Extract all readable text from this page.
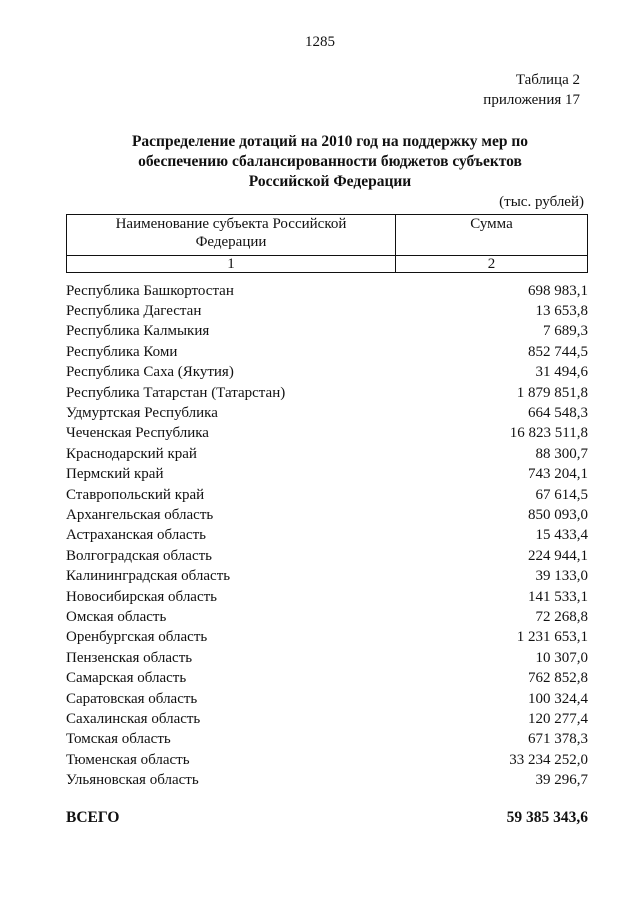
1285
Таблица 2
приложения 17
Распределение дотаций на 2010 год на поддержку мер по
обеспечению сбалансированности бюджетов субъектов
Российской Федерации
(тыс. рублей)
Наименование субъекта Российской
Федерации	Сумма
1	2
Республика Башкортостан	698 983,1
Республика Дагестан	13 653,8
Республика Калмыкия	7 689,3
Республика Коми	852 744,5
Республика Саха (Якутия)	31 494,6
Республика Татарстан (Татарстан)	1 879 851,8
Удмуртская Республика	664 548,3
Чеченская Республика	16 823 511,8
Краснодарский край	88 300,7
Пермский край	743 204,1
Ставропольский край	67 614,5
Архангельская область	850 093,0
Астраханская область	15 433,4
Волгоградская область	224 944,1
Калининградская область	39 133,0
Новосибирская область	141 533,1
Омская область	72 268,8
Оренбургская область	1 231 653,1
Пензенская область	10 307,0
Самарская область	762 852,8
Саратовская область	100 324,4
Сахалинская область	120 277,4
Томская область	671 378,3
Тюменская область	33 234 252,0
Ульяновская область	39 296,7
ВСЕГО	59 385 343,6
